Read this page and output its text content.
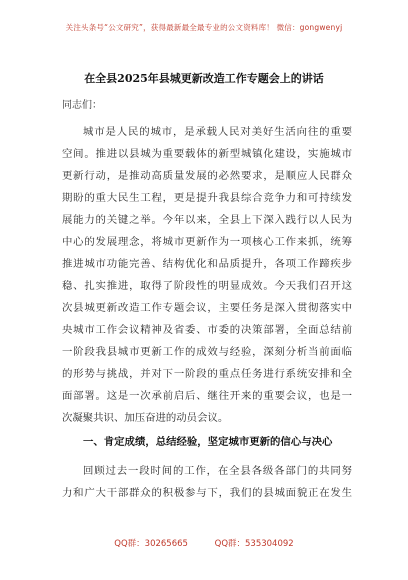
关注头条号“公文研究”，获得最新最全最专业的公文资料库！ 微信：gongwenyj
在全县2025年县城更新改造工作专题会上的讲话
同志们：
城市是人民的城市，是承载人民对美好生活向往的重要
空间。推进以县城为重要载体的新型城镇化建设，实施城市
更新行动，是推动高质量发展的必然要求，是顺应人民群众
期盼的重大民生工程，更是提升我县综合竞争力和可持续发
展能力的关键之举。今年以来，全县上下深入践行以人民为
中心的发展理念，将城市更新作为一项核心工作来抓，统筹
推进城市功能完善、结构优化和品质提升，各项工作蹄疾步
稳、扎实推进，取得了阶段性的明显成效。今天我们召开这
次县城更新改造工作专题会议，主要任务是深入贯彻落实中
央城市工作会议精神及省委、市委的决策部署，全面总结前
一阶段我县城市更新工作的成效与经验，深刻分析当前面临
的形势与挑战，并对下一阶段的重点任务进行系统安排和全
面部署。这是一次承前启后、继往开来的重要会议，也是一
次凝聚共识、加压奋进的动员会议。
一、肯定成绩，总结经验，坚定城市更新的信心与决心
回顾过去一段时间的工作，在全县各级各部门的共同努
力和广大干部群众的积极参与下，我们的县城面貌正在发生
QQ群：30265665	QQ群：535304092
